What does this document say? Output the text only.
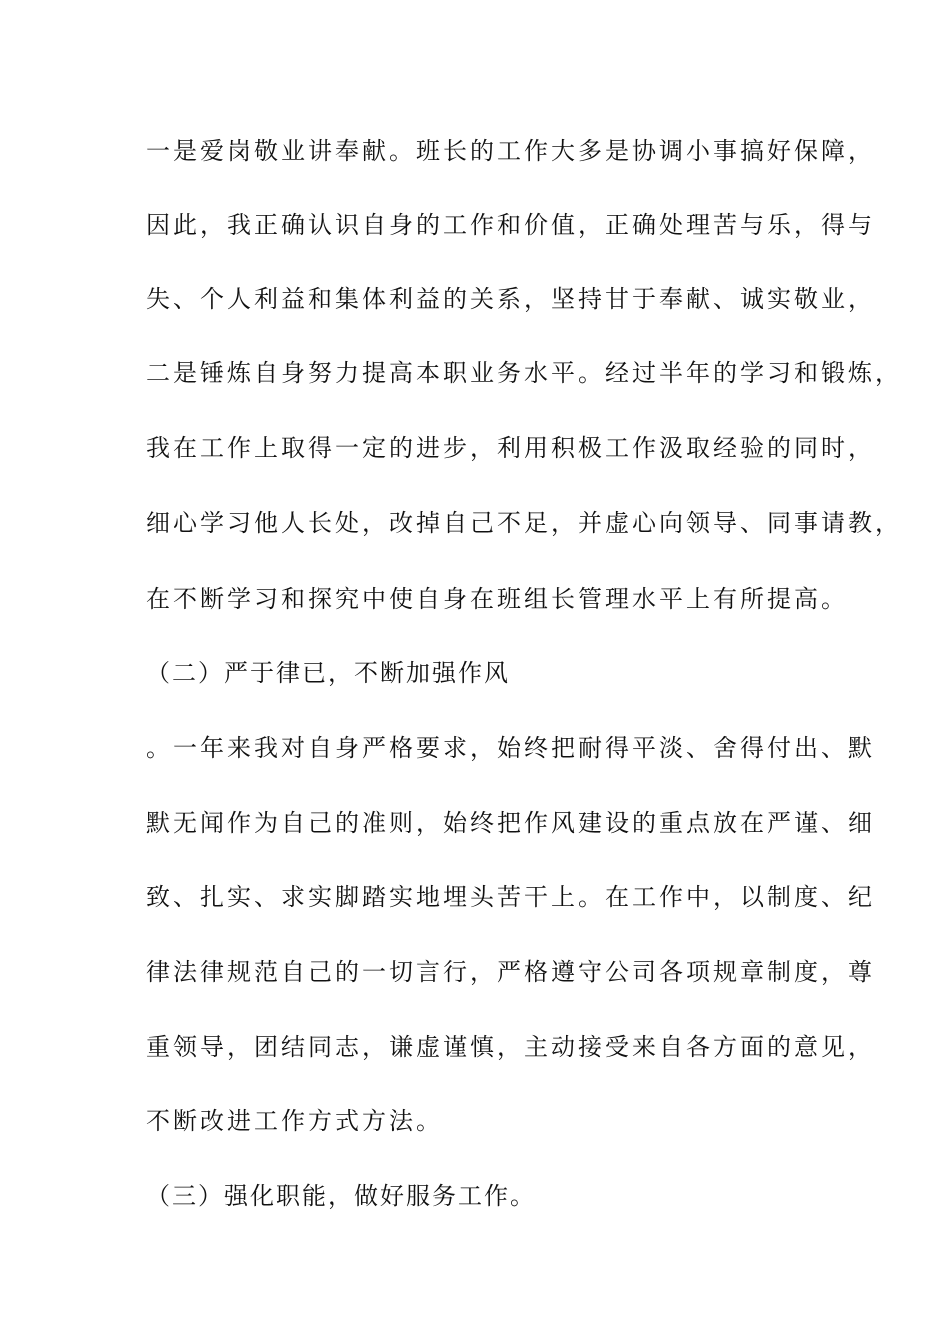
一是爱岗敬业讲奉献。班长的工作大多是协调小事搞好保障，
因此，我正确认识自身的工作和价值，正确处理苦与乐，得与
失、个人利益和集体利益的关系，坚持甘于奉献、诚实敬业，
二是锤炼自身努力提高本职业务水平。经过半年的学习和锻炼，
我在工作上取得一定的进步，利用积极工作汲取经验的同时，
细心学习他人长处，改掉自己不足，并虚心向领导、同事请教，
在不断学习和探究中使自身在班组长管理水平上有所提高。
（二）严于律已，不断加强作风
。一年来我对自身严格要求，始终把耐得平淡、舍得付出、默
默无闻作为自己的准则，始终把作风建设的重点放在严谨、细
致、扎实、求实脚踏实地埋头苦干上。在工作中，以制度、纪
律法律规范自己的一切言行，严格遵守公司各项规章制度，尊
重领导，团结同志，谦虚谨慎，主动接受来自各方面的意见，
不断改进工作方式方法。
（三）强化职能，做好服务工作。
